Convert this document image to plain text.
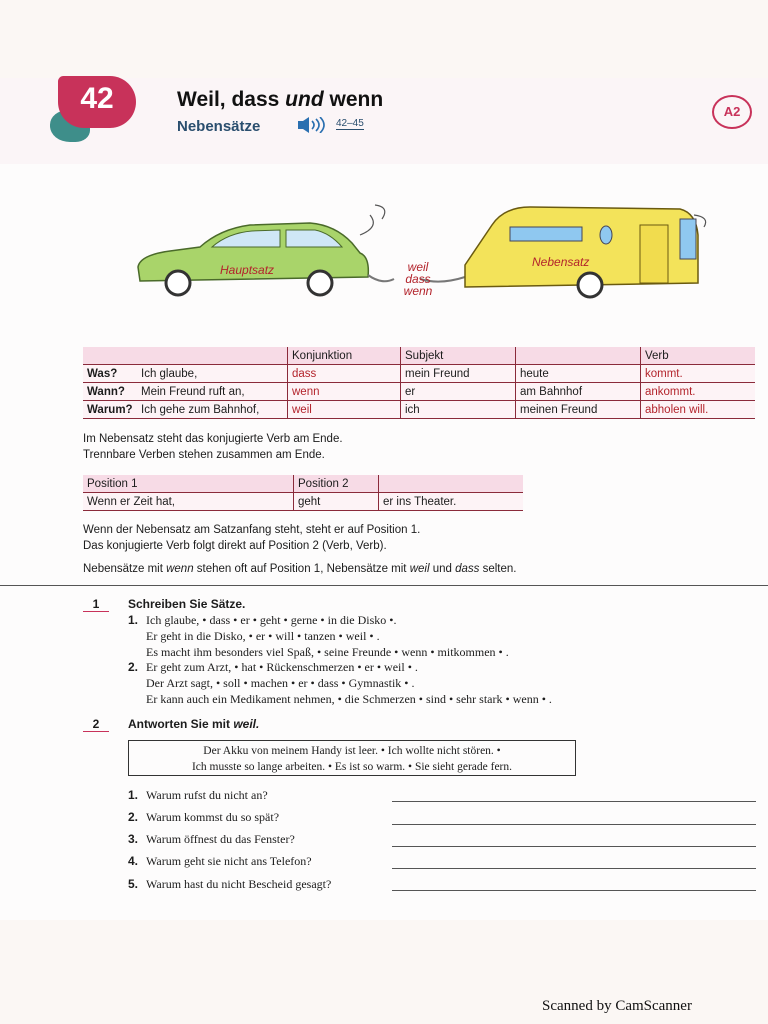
42	Weil, dass und wenn
Nebensätze	42–45
A2
Hauptsatz
Nebensatz
weil
dass
wenn
	Konjunktion	Subjekt		Verb
Was? Ich glaube,	dass	mein Freund	heute	kommt.
Wann? Mein Freund ruft an,	wenn	er	am Bahnhof	ankommt.
Warum? Ich gehe zum Bahnhof,	weil	ich	meinen Freund	abholen will.
Im Nebensatz steht das konjugierte Verb am Ende.
Trennbare Verben stehen zusammen am Ende.
Position 1	Position 2	
Wenn er Zeit hat,	geht	er ins Theater.
Wenn der Nebensatz am Satzanfang steht, steht er auf Position 1.
Das konjugierte Verb folgt direkt auf Position 2 (Verb, Verb).
Nebensätze mit wenn stehen oft auf Position 1, Nebensätze mit weil und dass selten.
1	Schreiben Sie Sätze.
1. Ich glaube, • dass • er • geht • gerne • in die Disko •.
Er geht in die Disko, • er • will • tanzen • weil • .
Es macht ihm besonders viel Spaß, • seine Freunde • wenn • mitkommen • .
2. Er geht zum Arzt, • hat • Rückenschmerzen • er • weil • .
Der Arzt sagt, • soll • machen • er • dass • Gymnastik • .
Er kann auch ein Medikament nehmen, • die Schmerzen • sind • sehr stark • wenn • .
2	Antworten Sie mit weil.
Der Akku von meinem Handy ist leer. • Ich wollte nicht stören. •
Ich musste so lange arbeiten. • Es ist so warm. • Sie sieht gerade fern.
1. Warum rufst du nicht an?
2. Warum kommst du so spät?
3. Warum öffnest du das Fenster?
4. Warum geht sie nicht ans Telefon?
5. Warum hast du nicht Bescheid gesagt?
Scanned by CamScanner
